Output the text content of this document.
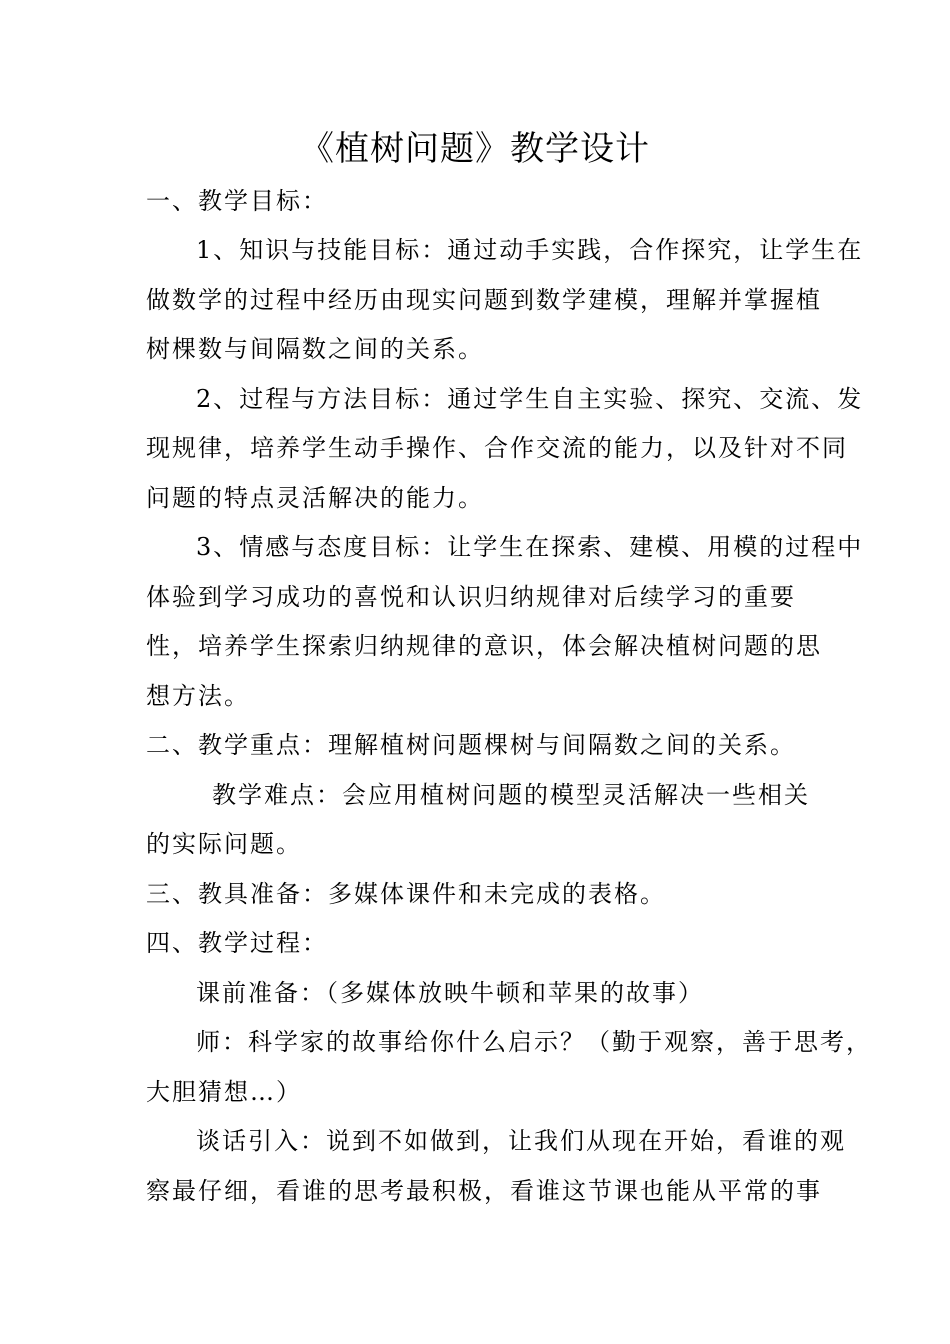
《植树问题》教学设计
一、教学目标：
1、知识与技能目标：通过动手实践，合作探究，让学生在
做数学的过程中经历由现实问题到数学建模，理解并掌握植
树棵数与间隔数之间的关系。
2、过程与方法目标：通过学生自主实验、探究、交流、发
现规律，培养学生动手操作、合作交流的能力，以及针对不同
问题的特点灵活解决的能力。
3、情感与态度目标：让学生在探索、建模、用模的过程中
体验到学习成功的喜悦和认识归纳规律对后续学习的重要
性，培养学生探索归纳规律的意识，体会解决植树问题的思
想方法。
二、教学重点：理解植树问题棵树与间隔数之间的关系。
教学难点：会应用植树问题的模型灵活解决一些相关
的实际问题。
三、教具准备：多媒体课件和未完成的表格。
四、教学过程：
课前准备：（多媒体放映牛顿和苹果的故事）
师：科学家的故事给你什么启示？（勤于观察，善于思考，
大胆猜想…）
谈话引入：说到不如做到，让我们从现在开始，看谁的观
察最仔细，看谁的思考最积极，看谁这节课也能从平常的事
